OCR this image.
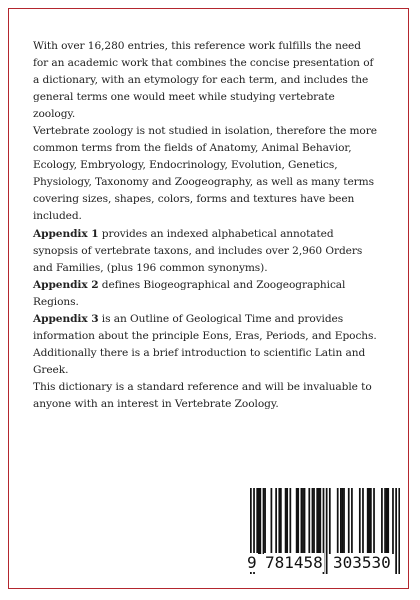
With over 16,280 entries, this reference work fulfills the need for an academic work that combines the concise presentation of a dictionary, with an etymology for each term, and includes the general terms one would meet while studying vertebrate zoology.

Vertebrate zoology is not studied in isolation, therefore the more common terms from the fields of Anatomy, Animal Behavior, Ecology, Embryology, Endocrinology, Evolution, Genetics, Physiology, Taxonomy and Zoogeography, as well as many terms covering sizes, shapes, colors, forms and textures have been included.

Appendix 1 provides an indexed alphabetical annotated synopsis of vertebrate taxons, and includes over 2,960 Orders and Families, (plus 196 common synonyms).

Appendix 2 defines Biogeographical and Zoogeographical Regions.

Appendix 3 is an Outline of Geological Time and provides information about the principle Eons, Eras, Periods, and Epochs.

Additionally there is a brief introduction to scientific Latin and Greek.

This dictionary is a standard reference and will be invaluable to anyone with an interest in Vertebrate Zoology.

9 781458 303530
